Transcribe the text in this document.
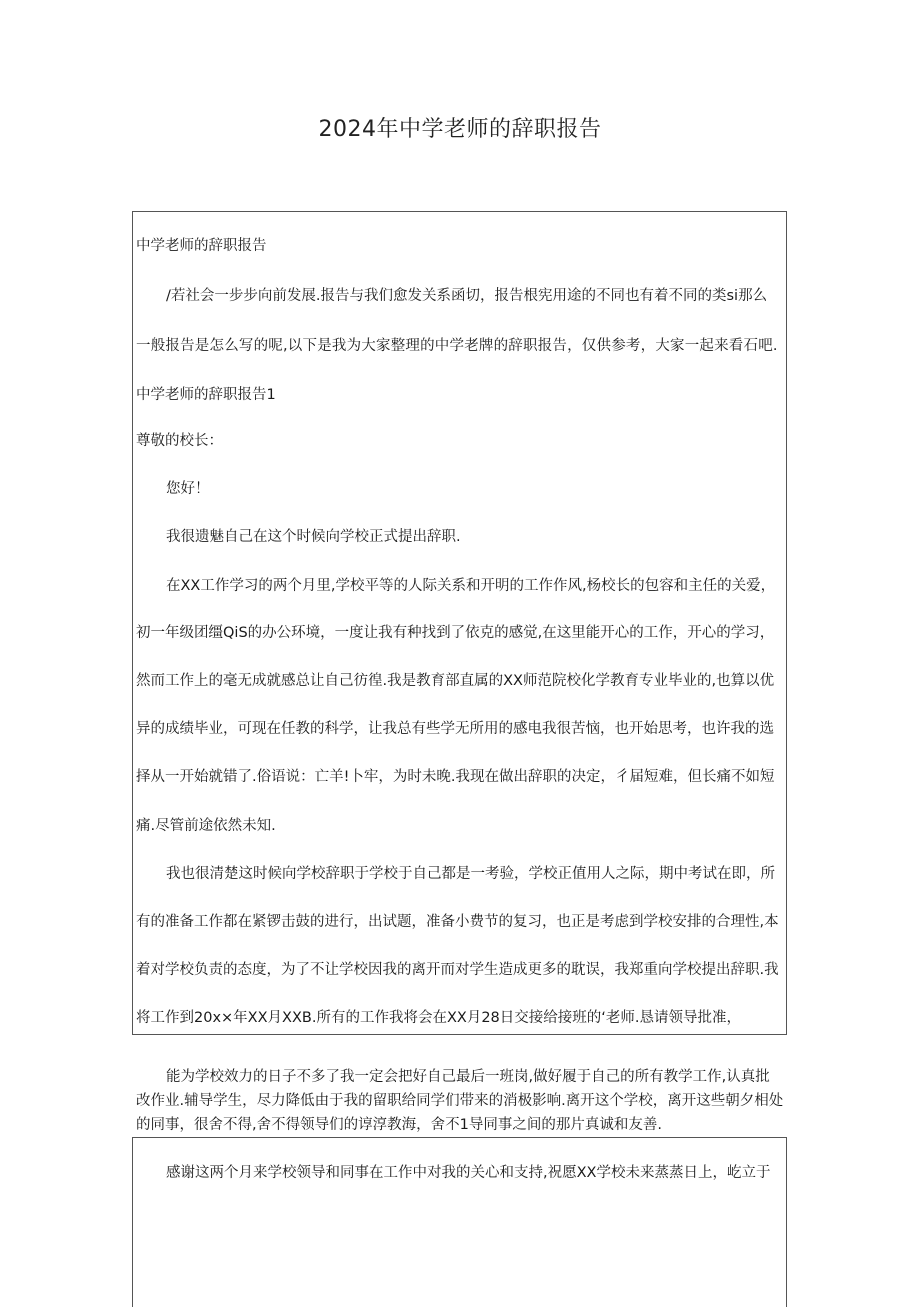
2024年中学老师的辞职报告
中学老师的辞职报告
/若社会一步步向前发展.报告与我们愈发关系函切，报告根宪用途的不同也有着不同的类si那么
一般报告是怎么写的呢,以下是我为大家整理的中学老牌的辞职报告，仅供参考，大家一起来看石吧.
中学老师的辞职报告1
尊敬的校长：
您好！
我很遗魅自己在这个时候向学校正式提出辞职.
在XX工作学习的两个月里,学校平等的人际关系和开明的工作作风,杨校长的包容和主任的关爱，
初一年级团缰QiS的办公环境，一度让我有种找到了依克的感觉,在这里能开心的工作，开心的学习，
然而工作上的毫无成就感总让自己彷徨.我是教育部直属的XX师范院校化学教育专业毕业的,也算以优
异的成绩毕业，可现在任教的科学，让我总有些学无所用的感电我很苦恼，也开始思考，也许我的选
择从一开始就错了.俗语说：亡羊!卜牢，为时未晚.我现在做出辞职的决定，彳届短难，但长痛不如短
痛.尽管前途依然未知.
我也很清楚这时候向学校辞职于学校于自己都是一考验，学校正值用人之际，期中考试在即，所
有的准备工作都在紧锣击鼓的进行，出试题，准备小费节的复习，也正是考虑到学校安排的合理性,本
着对学校负责的态度，为了不让学校因我的离开而对学生造成更多的耽误，我郑重向学校提出辞职.我
将工作到20x×年XX月XXB.所有的工作我将会在XX月28日交接给接班的‘老师.恳请领导批准，
能为学校效力的日子不多了我一定会把好自己最后一班岗,做好履于自己的所有教学工作,认真批
改作业.辅导学生，尽力降低由于我的留职给同学们带来的消极影响.离开这个学校，离开这些朝夕相处
的同事，很舍不得,舍不得领导们的谆淳教海，舍不1导同事之间的那片真诚和友善.
感谢这两个月来学校领导和同事在工作中对我的关心和支持,祝愿XX学校未来蒸蒸日上，屹立于
